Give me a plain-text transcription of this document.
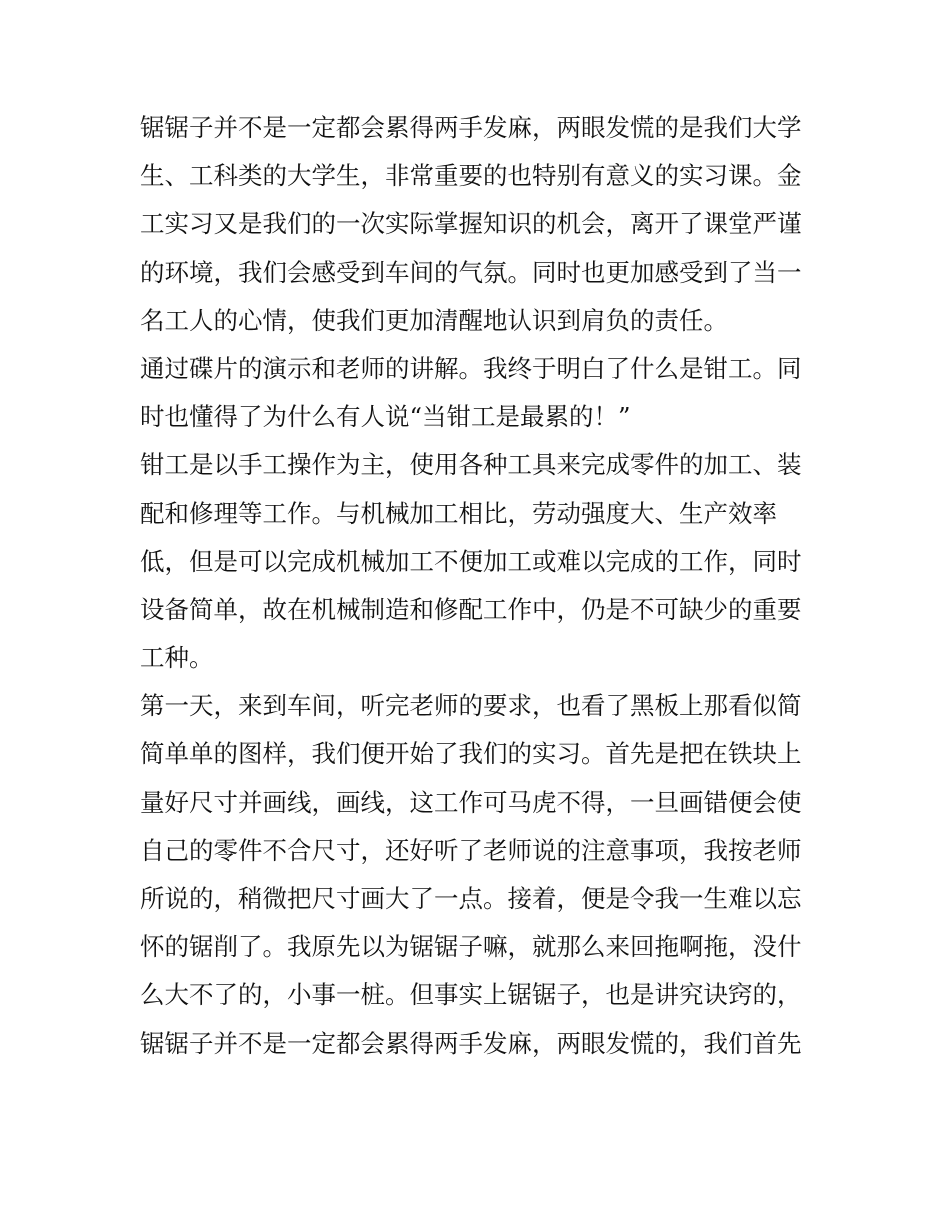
锯锯子并不是一定都会累得两手发麻，两眼发慌的是我们大学
生、工科类的大学生，非常重要的也特别有意义的实习课。金
工实习又是我们的一次实际掌握知识的机会，离开了课堂严谨
的环境，我们会感受到车间的气氛。同时也更加感受到了当一
名工人的心情，使我们更加清醒地认识到肩负的责任。
通过碟片的演示和老师的讲解。我终于明白了什么是钳工。同
时也懂得了为什么有人说“当钳工是最累的！”
钳工是以手工操作为主，使用各种工具来完成零件的加工、装
配和修理等工作。与机械加工相比，劳动强度大、生产效率
低，但是可以完成机械加工不便加工或难以完成的工作，同时
设备简单，故在机械制造和修配工作中，仍是不可缺少的重要
工种。
第一天，来到车间，听完老师的要求，也看了黑板上那看似简
简单单的图样，我们便开始了我们的实习。首先是把在铁块上
量好尺寸并画线，画线，这工作可马虎不得，一旦画错便会使
自己的零件不合尺寸，还好听了老师说的注意事项，我按老师
所说的，稍微把尺寸画大了一点。接着，便是令我一生难以忘
怀的锯削了。我原先以为锯锯子嘛，就那么来回拖啊拖，没什
么大不了的，小事一桩。但事实上锯锯子，也是讲究诀窍的，
锯锯子并不是一定都会累得两手发麻，两眼发慌的，我们首先
